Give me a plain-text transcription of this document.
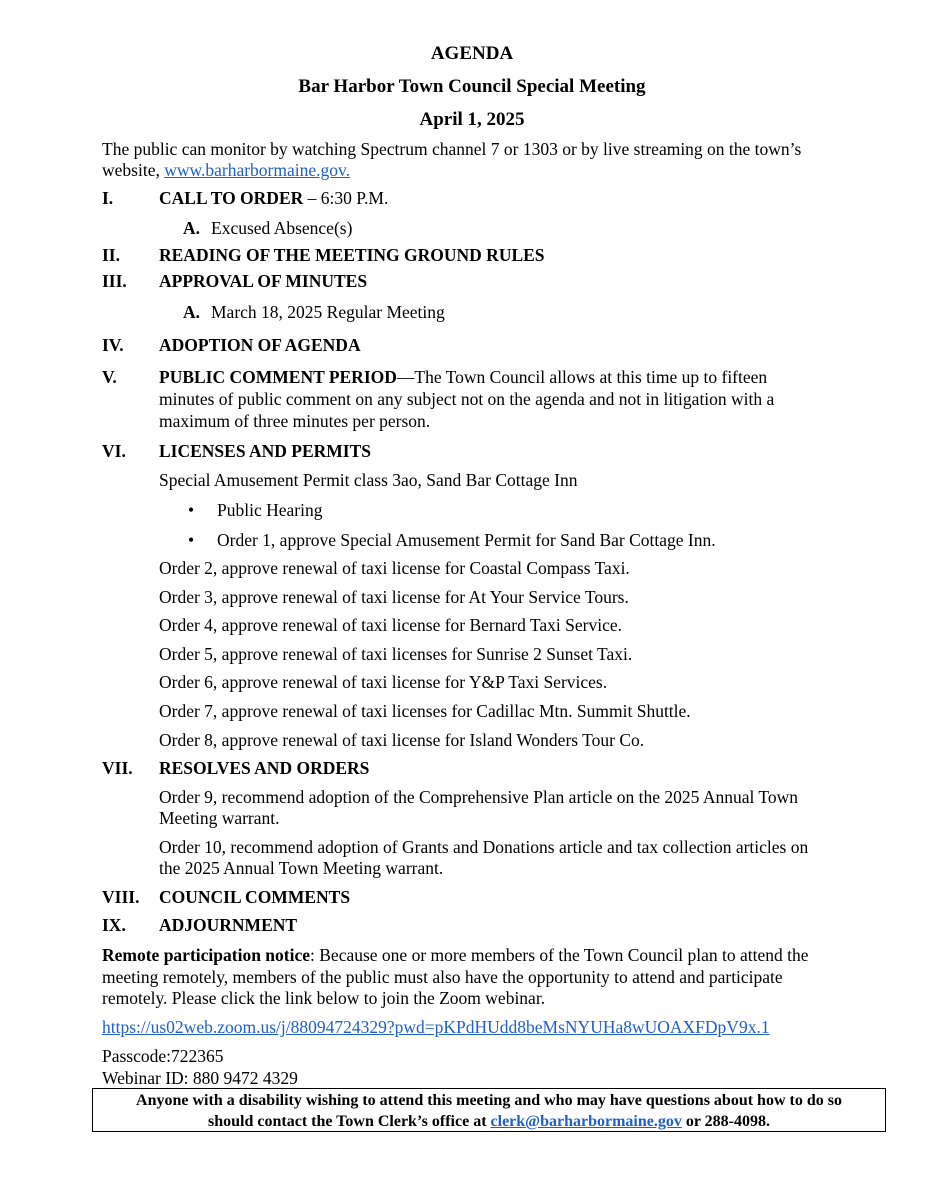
AGENDA
Bar Harbor Town Council Special Meeting
April 1, 2025
The public can monitor by watching Spectrum channel 7 or 1303 or by live streaming on the town’s
website, www.barharbormaine.gov.
I.	CALL TO ORDER – 6:30 P.M.
A. Excused Absence(s)
II. READING OF THE MEETING GROUND RULES
III. APPROVAL OF MINUTES
A. March 18, 2025 Regular Meeting
IV. ADOPTION OF AGENDA
V. PUBLIC COMMENT PERIOD—The Town Council allows at this time up to fifteen
minutes of public comment on any subject not on the agenda and not in litigation with a
maximum of three minutes per person.
VI. LICENSES AND PERMITS
Special Amusement Permit class 3ao, Sand Bar Cottage Inn
• Public Hearing
• Order 1, approve Special Amusement Permit for Sand Bar Cottage Inn.
Order 2, approve renewal of taxi license for Coastal Compass Taxi.
Order 3, approve renewal of taxi license for At Your Service Tours.
Order 4, approve renewal of taxi license for Bernard Taxi Service.
Order 5, approve renewal of taxi licenses for Sunrise 2 Sunset Taxi.
Order 6, approve renewal of taxi license for Y&P Taxi Services.
Order 7, approve renewal of taxi licenses for Cadillac Mtn. Summit Shuttle.
Order 8, approve renewal of taxi license for Island Wonders Tour Co.
VII. RESOLVES AND ORDERS
Order 9, recommend adoption of the Comprehensive Plan article on the 2025 Annual Town
Meeting warrant.
Order 10, recommend adoption of Grants and Donations article and tax collection articles on
the 2025 Annual Town Meeting warrant.
VIII. COUNCIL COMMENTS
IX. ADJOURNMENT
Remote participation notice: Because one or more members of the Town Council plan to attend the
meeting remotely, members of the public must also have the opportunity to attend and participate
remotely. Please click the link below to join the Zoom webinar.
https://us02web.zoom.us/j/88094724329?pwd=pKPdHUdd8beMsNYUHa8wUOAXFDpV9x.1
Passcode:722365
Webinar ID: 880 9472 4329
Anyone with a disability wishing to attend this meeting and who may have questions about how to do so
should contact the Town Clerk’s office at clerk@barharbormaine.gov or 288-4098.
